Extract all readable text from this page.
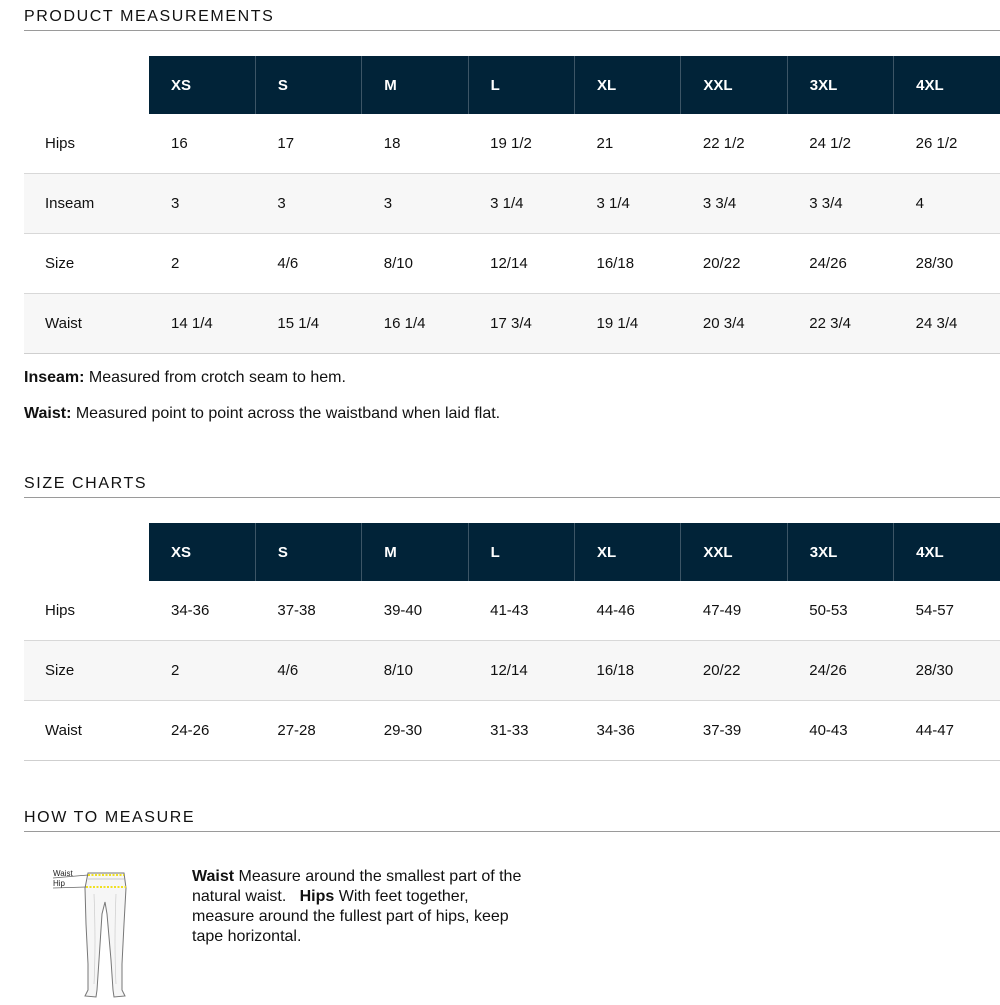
PRODUCT MEASUREMENTS
	XS	S	M	L	XL	XXL	3XL	4XL
Hips	16	17	18	19 1/2	21	22 1/2	24 1/2	26 1/2
Inseam	3	3	3	3 1/4	3 1/4	3 3/4	3 3/4	4
Size	2	4/6	8/10	12/14	16/18	20/22	24/26	28/30
Waist	14 1/4	15 1/4	16 1/4	17 3/4	19 1/4	20 3/4	22 3/4	24 3/4
Inseam: Measured from crotch seam to hem.
Waist: Measured point to point across the waistband when laid flat.
SIZE CHARTS
	XS	S	M	L	XL	XXL	3XL	4XL
Hips	34-36	37-38	39-40	41-43	44-46	47-49	50-53	54-57
Size	2	4/6	8/10	12/14	16/18	20/22	24/26	28/30
Waist	24-26	27-28	29-30	31-33	34-36	37-39	40-43	44-47
HOW TO MEASURE
Waist
Hip	Waist Measure around the smallest part of the natural waist. Hips With feet together, measure around the fullest part of hips, keep tape horizontal.
